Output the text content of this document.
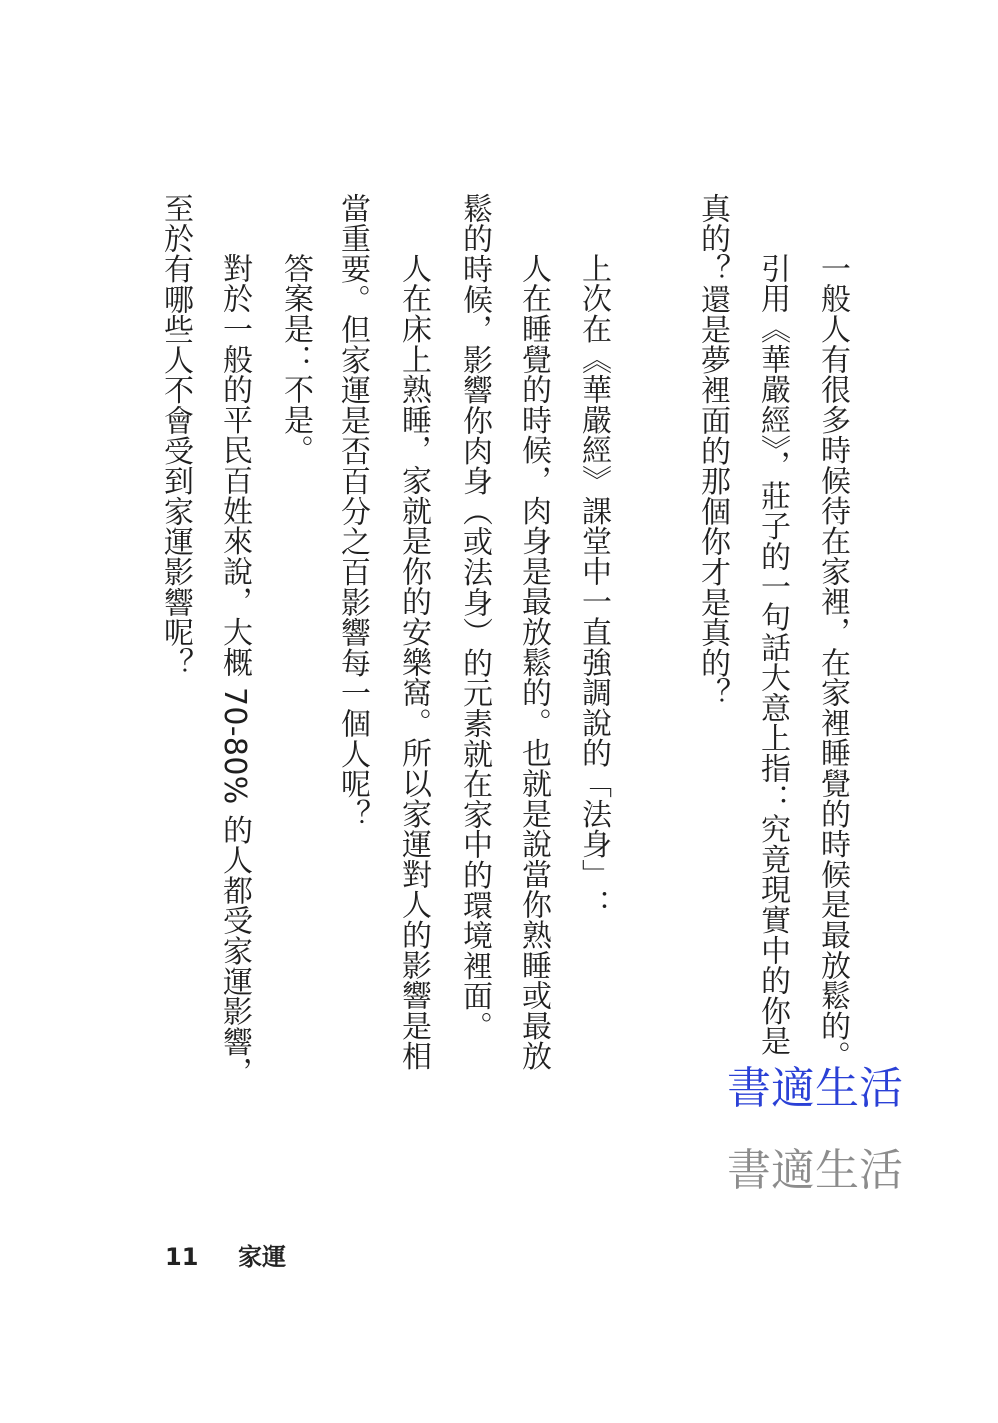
一般人有很多時候待在家裡，在家裡睡覺的時候是最放鬆的。
引用《華嚴經》，莊子的一句話大意上指：究竟現實中的你是
真的？還是夢裡面的那個你才是真的？
上次在《華嚴經》課堂中一直強調說的「法身」：
人在睡覺的時候，肉身是最放鬆的。也就是說當你熟睡或最放
鬆的時候，影響你肉身（或法身）的元素就在家中的環境裡面。
人在床上熟睡，家就是你的安樂窩。所以家運對人的影響是相
當重要。但家運是否百分之百影響每一個人呢？
答案是：不是。
對於一般的平民百姓來說，大概 70-80% 的人都受家運影響，
至於有哪些人不會受到家運影響呢？
書適生活
書適生活
11 家運
